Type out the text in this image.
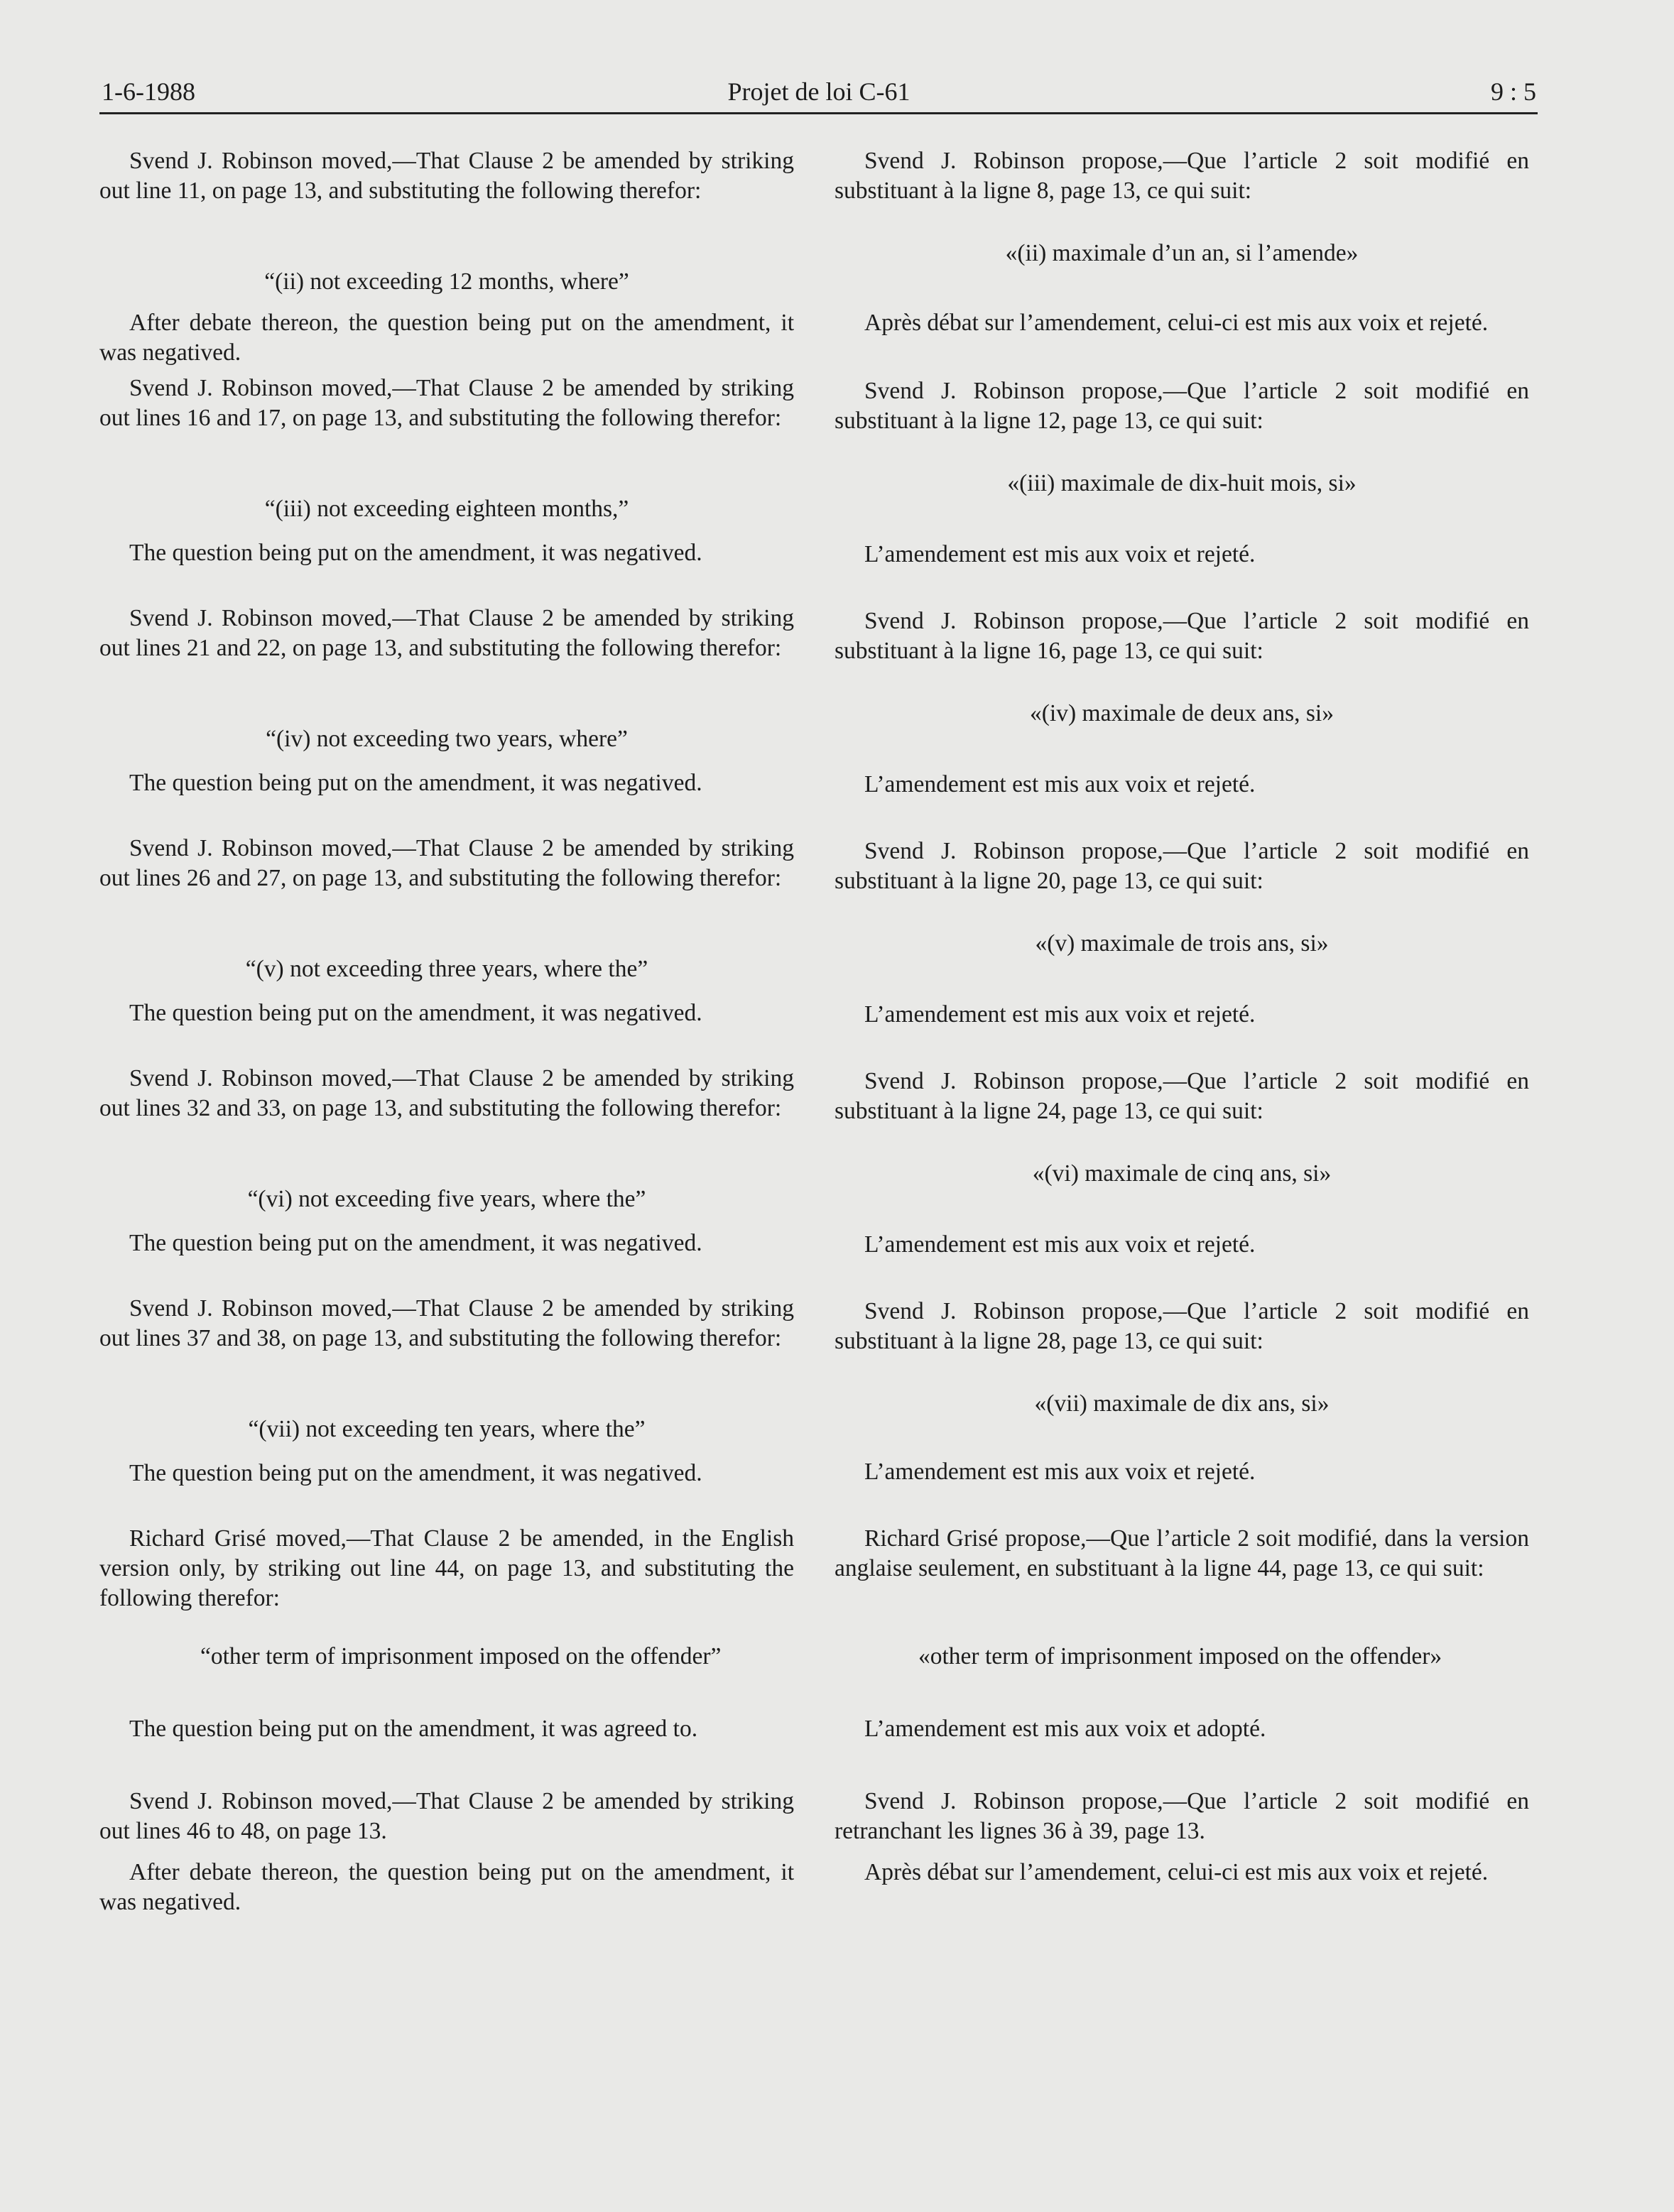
1-6-1988	Projet de loi C-61	9 : 5

Svend J. Robinson moved,—That Clause 2 be amended by striking out line 11, on page 13, and substituting the following therefor:

“(ii) not exceeding 12 months, where”

After debate thereon, the question being put on the amendment, it was negatived.

Svend J. Robinson moved,—That Clause 2 be amended by striking out lines 16 and 17, on page 13, and substituting the following therefor:

“(iii) not exceeding eighteen months,”

The question being put on the amendment, it was negatived.

Svend J. Robinson moved,—That Clause 2 be amended by striking out lines 21 and 22, on page 13, and substituting the following therefor:

“(iv) not exceeding two years, where”

The question being put on the amendment, it was negatived.

Svend J. Robinson moved,—That Clause 2 be amended by striking out lines 26 and 27, on page 13, and substituting the following therefor:

“(v) not exceeding three years, where the”

The question being put on the amendment, it was negatived.

Svend J. Robinson moved,—That Clause 2 be amended by striking out lines 32 and 33, on page 13, and substituting the following therefor:

“(vi) not exceeding five years, where the”

The question being put on the amendment, it was negatived.

Svend J. Robinson moved,—That Clause 2 be amended by striking out lines 37 and 38, on page 13, and substituting the following therefor:

“(vii) not exceeding ten years, where the”

The question being put on the amendment, it was negatived.

Richard Grisé moved,—That Clause 2 be amended, in the English version only, by striking out line 44, on page 13, and substituting the following therefor:

“other term of imprisonment imposed on the offender”

The question being put on the amendment, it was agreed to.

Svend J. Robinson moved,—That Clause 2 be amended by striking out lines 46 to 48, on page 13.

After debate thereon, the question being put on the amendment, it was negatived.

Svend J. Robinson propose,—Que l’article 2 soit modifié en substituant à la ligne 8, page 13, ce qui suit:

«(ii) maximale d’un an, si l’amende»

Après débat sur l’amendement, celui-ci est mis aux voix et rejeté.

Svend J. Robinson propose,—Que l’article 2 soit modifié en substituant à la ligne 12, page 13, ce qui suit:

«(iii) maximale de dix-huit mois, si»

L’amendement est mis aux voix et rejeté.

Svend J. Robinson propose,—Que l’article 2 soit modifié en substituant à la ligne 16, page 13, ce qui suit:

«(iv) maximale de deux ans, si»

L’amendement est mis aux voix et rejeté.

Svend J. Robinson propose,—Que l’article 2 soit modifié en substituant à la ligne 20, page 13, ce qui suit:

«(v) maximale de trois ans, si»

L’amendement est mis aux voix et rejeté.

Svend J. Robinson propose,—Que l’article 2 soit modifié en substituant à la ligne 24, page 13, ce qui suit:

«(vi) maximale de cinq ans, si»

L’amendement est mis aux voix et rejeté.

Svend J. Robinson propose,—Que l’article 2 soit modifié en substituant à la ligne 28, page 13, ce qui suit:

«(vii) maximale de dix ans, si»

L’amendement est mis aux voix et rejeté.

Richard Grisé propose,—Que l’article 2 soit modifié, dans la version anglaise seulement, en substituant à la ligne 44, page 13, ce qui suit:

«other term of imprisonment imposed on the offender»

L’amendement est mis aux voix et adopté.

Svend J. Robinson propose,—Que l’article 2 soit modifié en retranchant les lignes 36 à 39, page 13.

Après débat sur l’amendement, celui-ci est mis aux voix et rejeté.
